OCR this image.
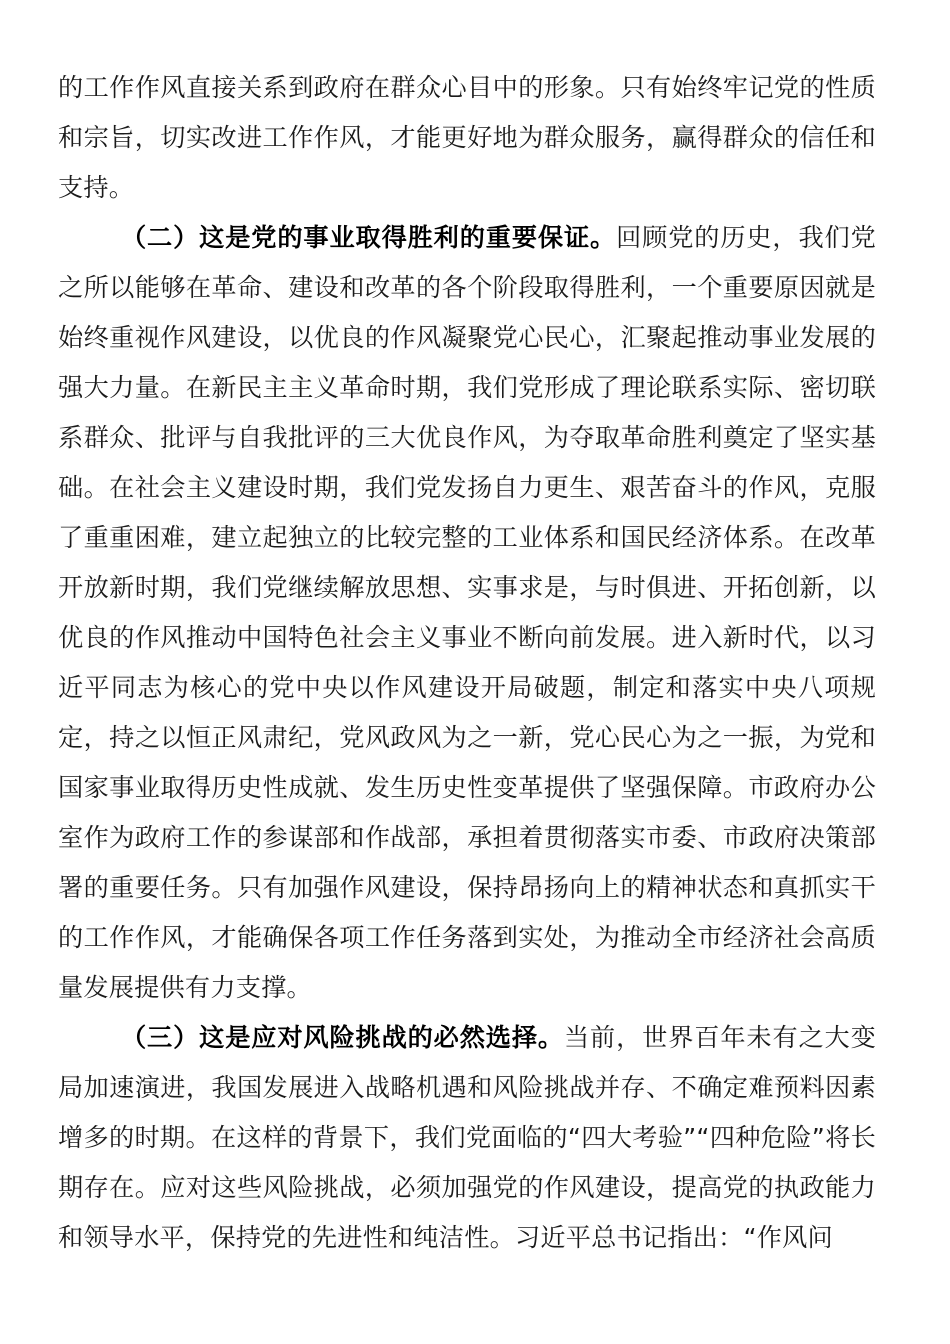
的工作作风直接关系到政府在群众心目中的形象。只有始终牢记党的性质和宗旨，切实改进工作作风，才能更好地为群众服务，赢得群众的信任和支持。

（二）这是党的事业取得胜利的重要保证。回顾党的历史，我们党之所以能够在革命、建设和改革的各个阶段取得胜利，一个重要原因就是始终重视作风建设，以优良的作风凝聚党心民心，汇聚起推动事业发展的强大力量。在新民主主义革命时期，我们党形成了理论联系实际、密切联系群众、批评与自我批评的三大优良作风，为夺取革命胜利奠定了坚实基础。在社会主义建设时期，我们党发扬自力更生、艰苦奋斗的作风，克服了重重困难，建立起独立的比较完整的工业体系和国民经济体系。在改革开放新时期，我们党继续解放思想、实事求是，与时俱进、开拓创新，以优良的作风推动中国特色社会主义事业不断向前发展。进入新时代，以习近平同志为核心的党中央以作风建设开局破题，制定和落实中央八项规定，持之以恒正风肃纪，党风政风为之一新，党心民心为之一振，为党和国家事业取得历史性成就、发生历史性变革提供了坚强保障。市政府办公室作为政府工作的参谋部和作战部，承担着贯彻落实市委、市政府决策部署的重要任务。只有加强作风建设，保持昂扬向上的精神状态和真抓实干的工作作风，才能确保各项工作任务落到实处，为推动全市经济社会高质量发展提供有力支撑。

（三）这是应对风险挑战的必然选择。当前，世界百年未有之大变局加速演进，我国发展进入战略机遇和风险挑战并存、不确定难预料因素增多的时期。在这样的背景下，我们党面临的“四大考验”“四种危险”将长期存在。应对这些风险挑战，必须加强党的作风建设，提高党的执政能力和领导水平，保持党的先进性和纯洁性。习近平总书记指出：“作风问
